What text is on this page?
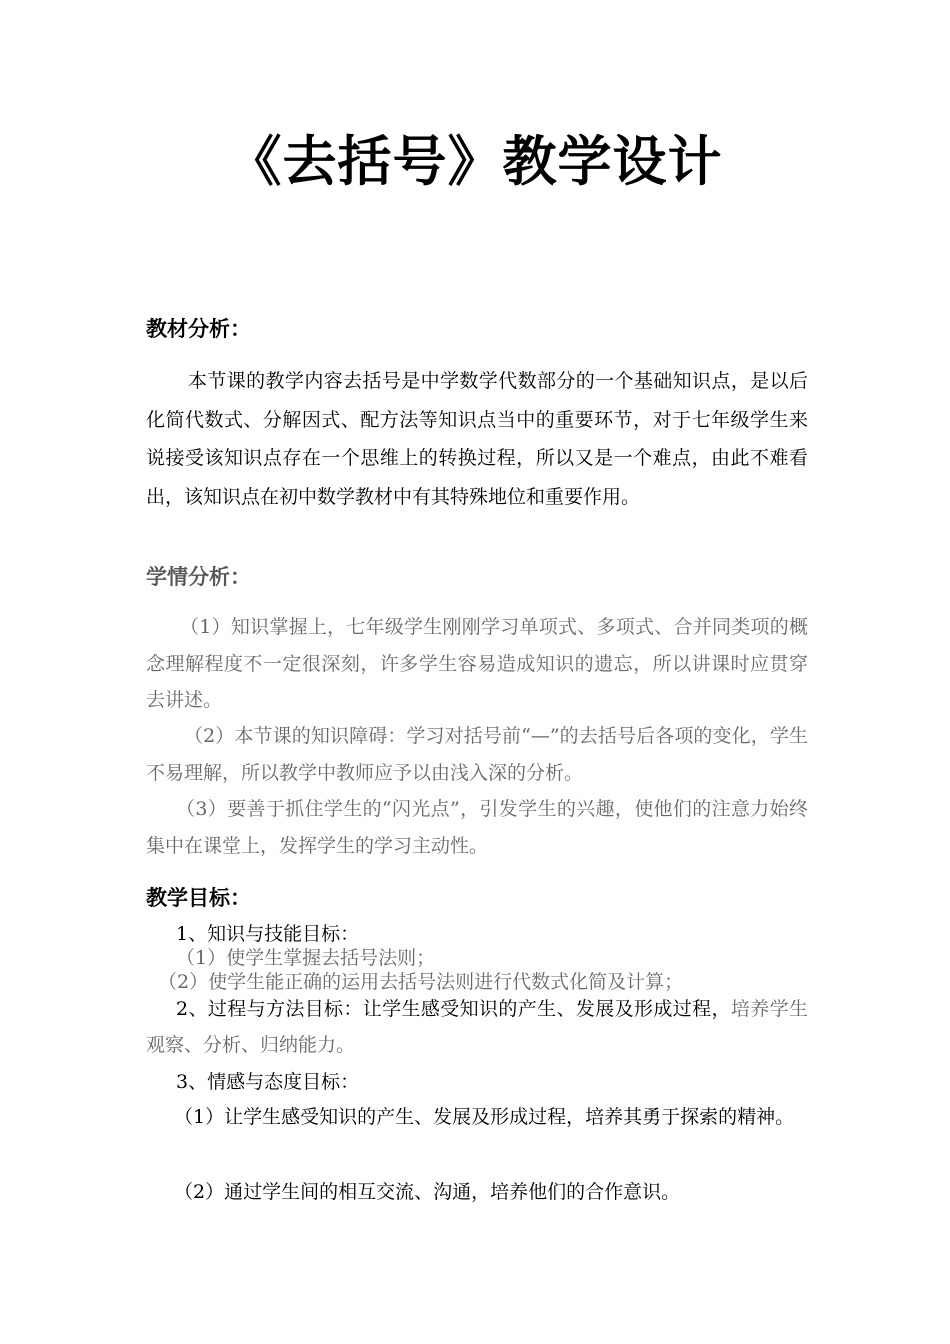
《去括号》教学设计
教材分析：

本节课的教学内容去括号是中学数学代数部分的一个基础知识点，是以后化简代数式、分解因式、配方法等知识点当中的重要环节，对于七年级学生来说接受该知识点存在一个思维上的转换过程，所以又是一个难点，由此不难看出，该知识点在初中数学教材中有其特殊地位和重要作用。

学情分析：

（1）知识掌握上，七年级学生刚刚学习单项式、多项式、合并同类项的概念理解程度不一定很深刻，许多学生容易造成知识的遗忘，所以讲课时应贯穿去讲述。

（2）本节课的知识障碍：学习对括号前“—”的去括号后各项的变化，学生不易理解，所以教学中教师应予以由浅入深的分析。

（3）要善于抓住学生的“闪光点”，引发学生的兴趣，使他们的注意力始终集中在课堂上，发挥学生的学习主动性。

教学目标：

1、知识与技能目标：

（1）使学生掌握去括号法则；

（2）使学生能正确的运用去括号法则进行代数式化简及计算；

2、过程与方法目标：让学生感受知识的产生、发展及形成过程，培养学生观察、分析、归纳能力。

3、情感与态度目标：

（1）让学生感受知识的产生、发展及形成过程，培养其勇于探索的精神。

（2）通过学生间的相互交流、沟通，培养他们的合作意识。
